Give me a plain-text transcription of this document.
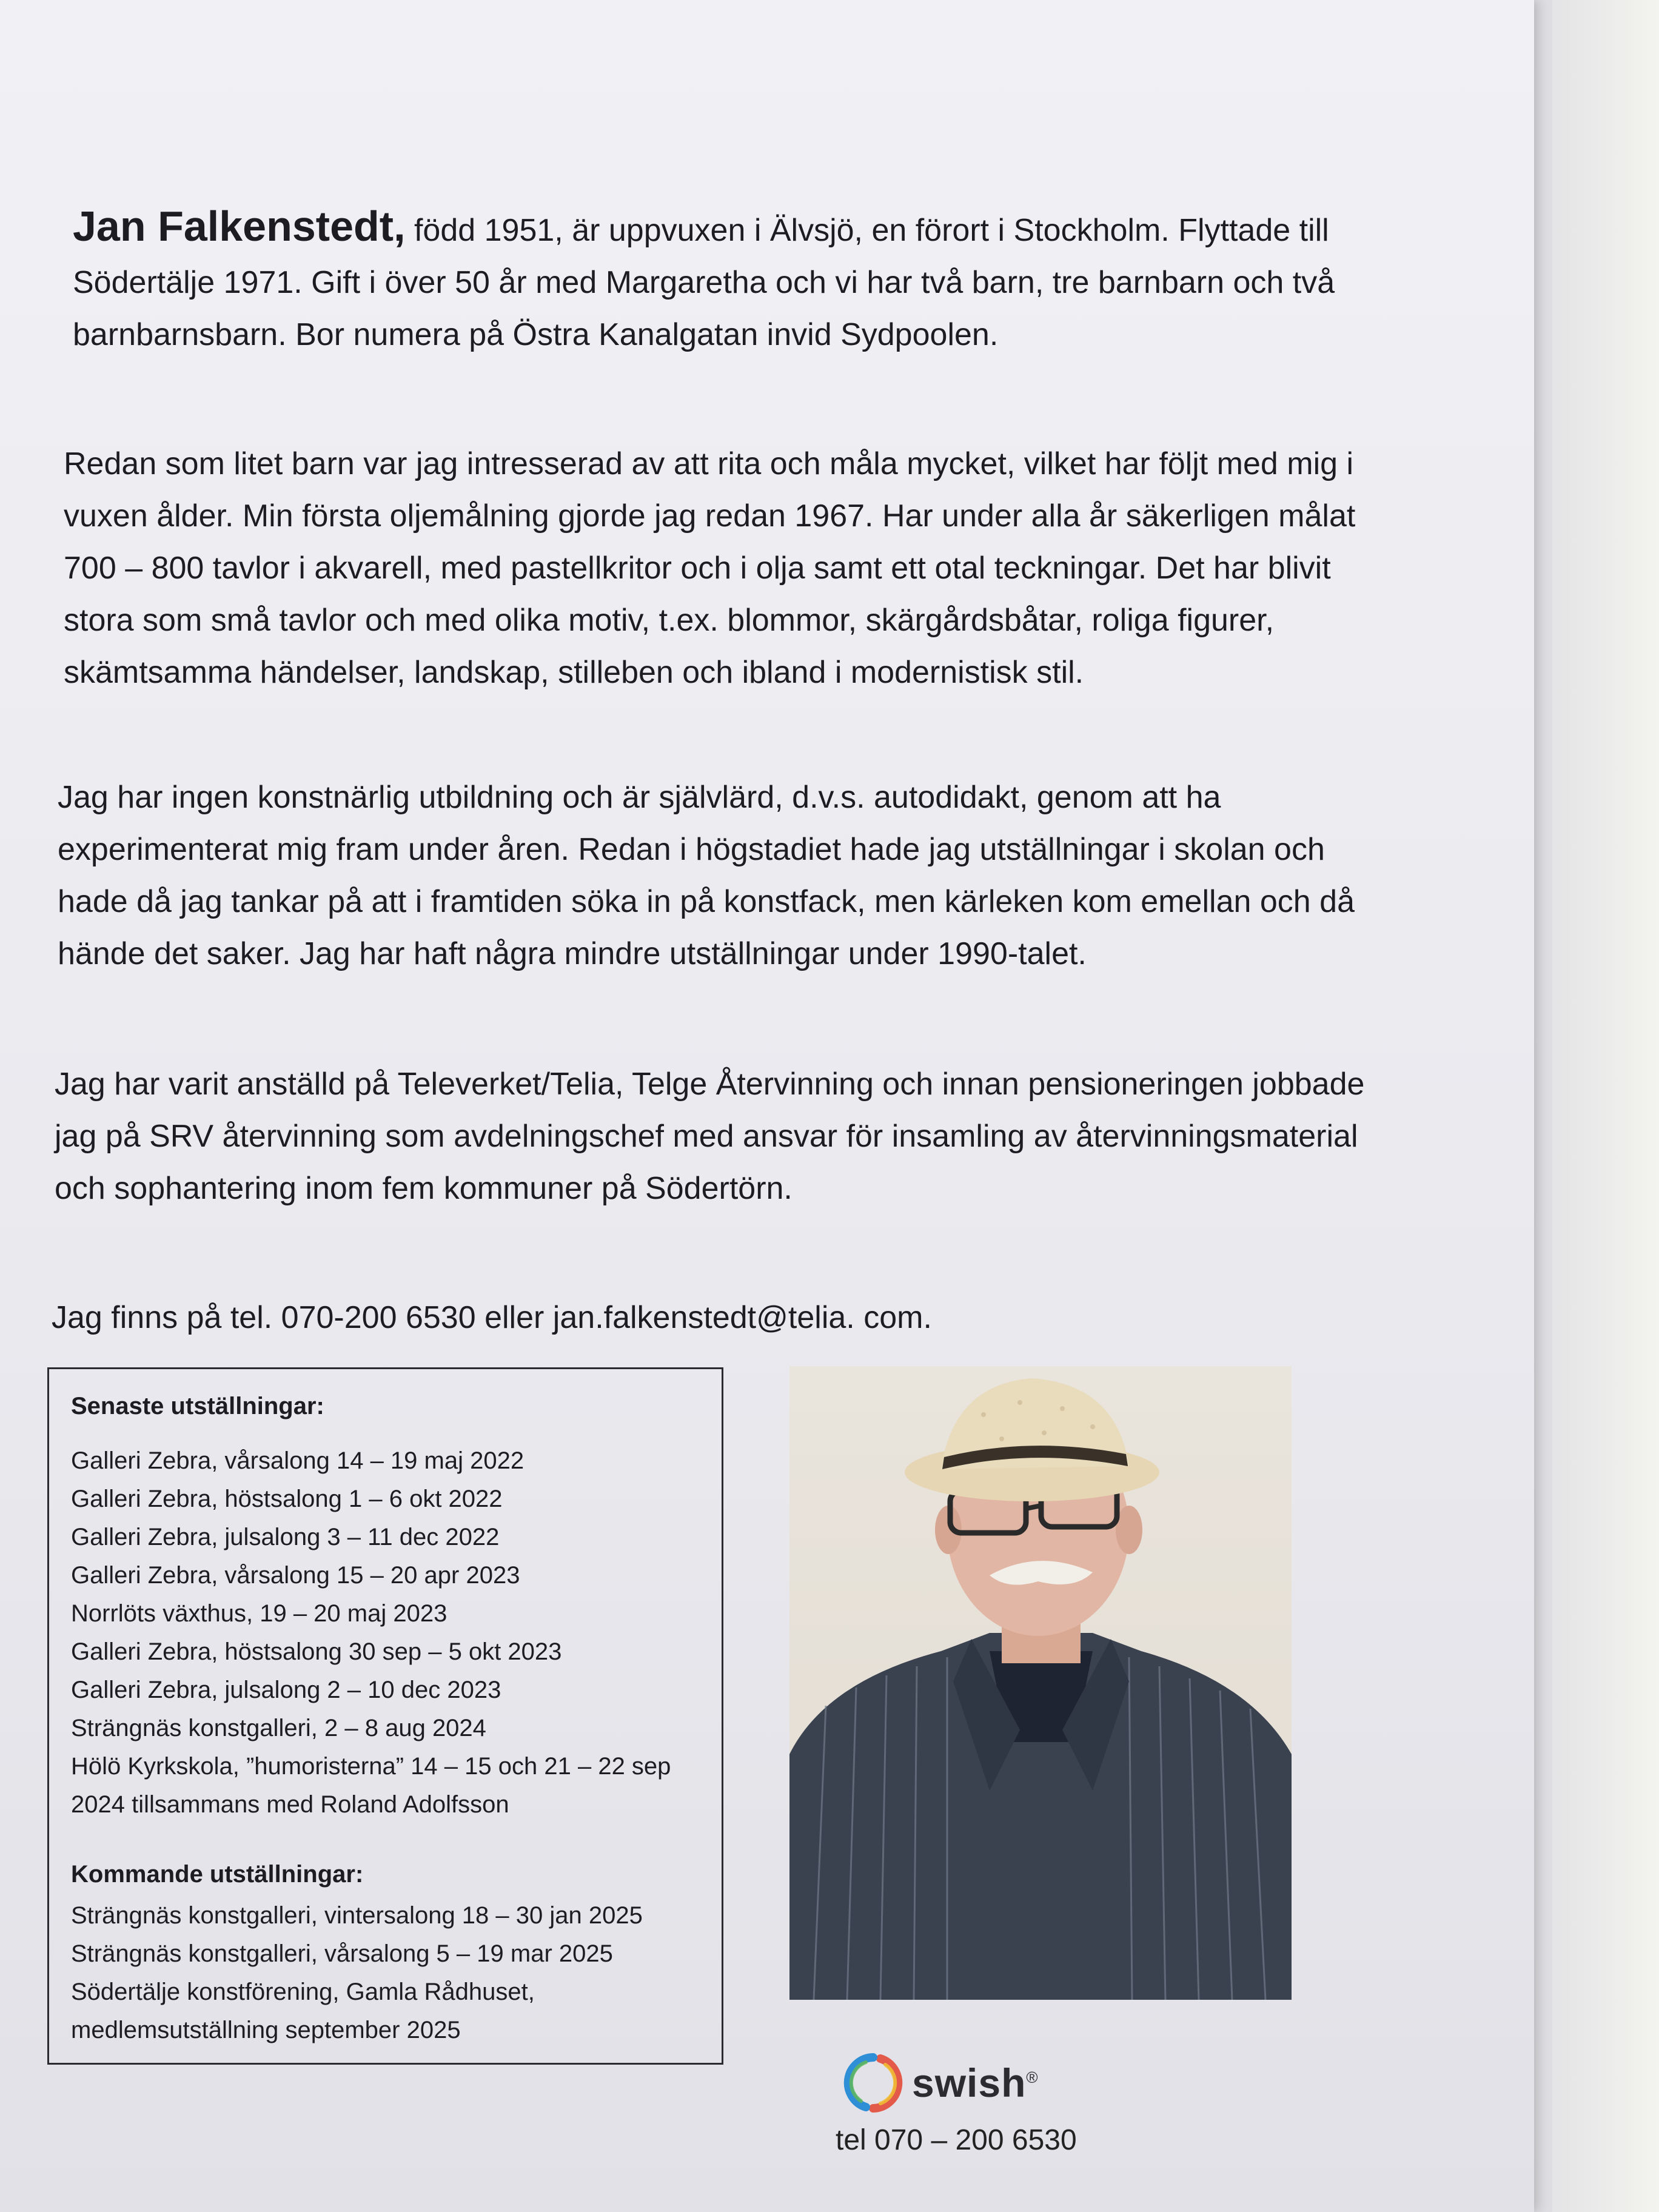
Jan Falkenstedt, född 1951, är uppvuxen i Älvsjö, en förort i Stockholm. Flyttade till Södertälje 1971. Gift i över 50 år med Margaretha och vi har två barn, tre barnbarn och två barnbarnsbarn. Bor numera på Östra Kanalgatan invid Sydpoolen.

Redan som litet barn var jag intresserad av att rita och måla mycket, vilket har följt med mig i vuxen ålder. Min första oljemålning gjorde jag redan 1967. Har under alla år säkerligen målat 700 – 800 tavlor i akvarell, med pastellkritor och i olja samt ett otal teckningar. Det har blivit stora som små tavlor och med olika motiv, t.ex. blommor, skärgårdsbåtar, roliga figurer, skämtsamma händelser, landskap, stilleben och ibland i modernistisk stil.

Jag har ingen konstnärlig utbildning och är självlärd, d.v.s. autodidakt, genom att ha experimenterat mig fram under åren. Redan i högstadiet hade jag utställningar i skolan och hade då jag tankar på att i framtiden söka in på konstfack, men kärleken kom emellan och då hände det saker. Jag har haft några mindre utställningar under 1990-talet.

Jag har varit anställd på Televerket/Telia, Telge Återvinning och innan pensioneringen jobbade jag på SRV återvinning som avdelningschef med ansvar för insamling av återvinningsmaterial och sophantering inom fem kommuner på Södertörn.

Jag finns på tel. 070-200 6530 eller jan.falkenstedt@telia. com.

Senaste utställningar:

Galleri Zebra, vårsalong 14 – 19 maj 2022
Galleri Zebra, höstsalong 1 – 6 okt 2022
Galleri Zebra, julsalong 3 – 11 dec 2022
Galleri Zebra, vårsalong 15 – 20 apr 2023
Norrlöts växthus, 19 – 20 maj 2023
Galleri Zebra, höstsalong 30 sep – 5 okt 2023
Galleri Zebra, julsalong 2 – 10 dec 2023
Strängnäs konstgalleri, 2 – 8 aug 2024
Hölö Kyrkskola, ”humoristerna” 14 – 15 och 21 – 22 sep 2024 tillsammans med Roland Adolfsson

Kommande utställningar:

Strängnäs konstgalleri, vintersalong 18 – 30 jan 2025
Strängnäs konstgalleri, vårsalong 5 – 19 mar 2025
Södertälje konstförening, Gamla Rådhuset, medlemsutställning september 2025
swish®
tel 070 – 200 6530
